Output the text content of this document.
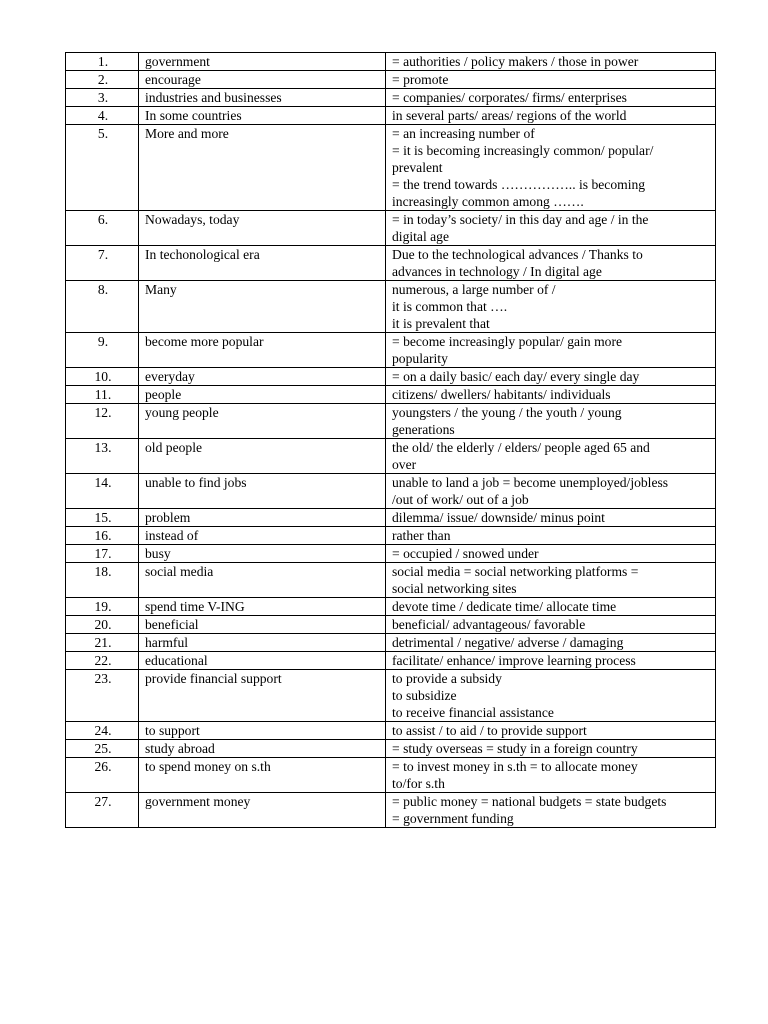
1.	government	= authorities / policy makers / those in power

2.	encourage	= promote

3.	industries and businesses	= companies/ corporates/ firms/ enterprises

4.	In some countries	in several parts/ areas/ regions of the world

5.	More and more	= an increasing number of
= it is becoming increasingly common/ popular/
prevalent
= the trend towards …………….. is becoming
increasingly common among …….

6.	Nowadays, today	= in today’s society/ in this day and age / in the
digital age

7.	In techonological era	Due to the technological advances / Thanks to
advances in technology / In digital age

8.	Many	numerous, a large number of /
it is common that ….
it is prevalent that

9.	become more popular	= become increasingly popular/ gain more
popularity

10.	everyday	= on a daily basic/ each day/ every single day

11.	people	citizens/ dwellers/ habitants/ individuals

12.	young people	youngsters / the young / the youth / young
generations

13.	old people	the old/ the elderly / elders/ people aged 65 and
over

14.	unable to find jobs	unable to land a job = become unemployed/jobless
/out of work/ out of a job

15.	problem	dilemma/ issue/ downside/ minus point

16.	instead of	rather than

17.	busy	= occupied / snowed under

18.	social media	social media = social networking platforms =
social networking sites

19.	spend time V-ING	devote time / dedicate time/ allocate time

20.	beneficial	beneficial/ advantageous/ favorable

21.	harmful	detrimental / negative/ adverse / damaging

22.	educational	facilitate/ enhance/ improve learning process

23.	provide financial support	to provide a subsidy
to subsidize
to receive financial assistance

24.	to support	to assist / to aid / to provide support

25.	study abroad	= study overseas = study in a foreign country

26.	to spend money on s.th	= to invest money in s.th = to allocate money
to/for s.th

27.	government money	= public money = national budgets = state budgets
= government funding
